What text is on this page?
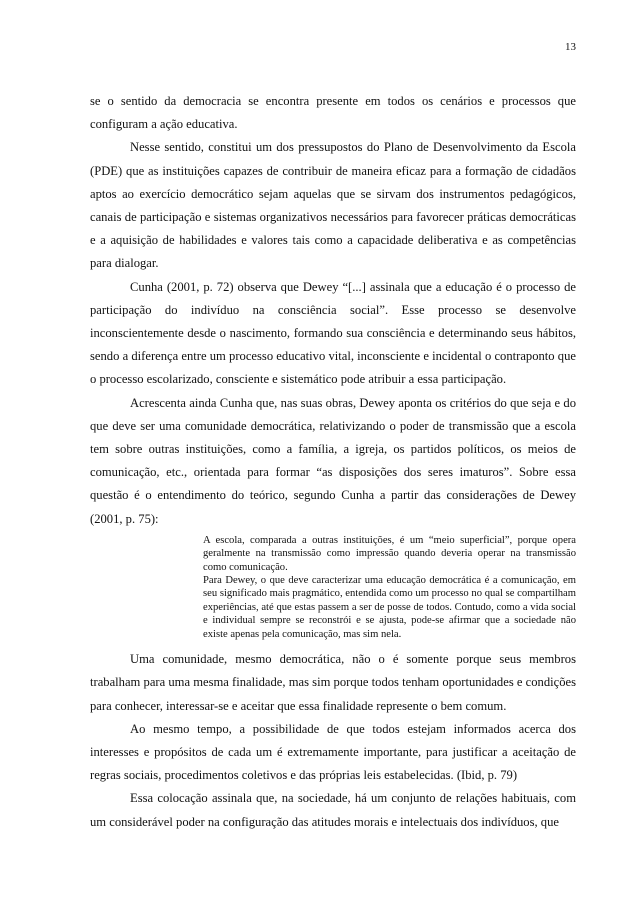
13

se o sentido da democracia se encontra presente em todos os cenários e processos que configuram a ação educativa.

Nesse sentido, constitui um dos pressupostos do Plano de Desenvolvimento da Escola (PDE) que as instituições capazes de contribuir de maneira eficaz para a formação de cidadãos aptos ao exercício democrático sejam aquelas que se sirvam dos instrumentos pedagógicos, canais de participação e sistemas organizativos necessários para favorecer práticas democráticas e a aquisição de habilidades e valores tais como a capacidade deliberativa e as competências para dialogar.

Cunha (2001, p. 72) observa que Dewey “[...] assinala que a educação é o processo de participação do indivíduo na consciência social”. Esse processo se desenvolve inconscientemente desde o nascimento, formando sua consciência e determinando seus hábitos, sendo a diferença entre um processo educativo vital, inconsciente e incidental o contraponto que o processo escolarizado, consciente e sistemático pode atribuir a essa participação.

Acrescenta ainda Cunha que, nas suas obras, Dewey aponta os critérios do que seja e do que deve ser uma comunidade democrática, relativizando o poder de transmissão que a escola tem sobre outras instituições, como a família, a igreja, os partidos políticos, os meios de comunicação, etc., orientada para formar “as disposições dos seres imaturos”. Sobre essa questão é o entendimento do teórico, segundo Cunha a partir das considerações de Dewey (2001, p. 75):

A escola, comparada a outras instituições, é um “meio superficial”, porque opera geralmente na transmissão como impressão quando deveria operar na transmissão como comunicação.

Para Dewey, o que deve caracterizar uma educação democrática é a comunicação, em seu significado mais pragmático, entendida como um processo no qual se compartilham experiências, até que estas passem a ser de posse de todos. Contudo, como a vida social e individual sempre se reconstrói e se ajusta, pode-se afirmar que a sociedade não existe apenas pela comunicação, mas sim nela.

Uma comunidade, mesmo democrática, não o é somente porque seus membros trabalham para uma mesma finalidade, mas sim porque todos tenham oportunidades e condições para conhecer, interessar-se e aceitar que essa finalidade represente o bem comum.

Ao mesmo tempo, a possibilidade de que todos estejam informados acerca dos interesses e propósitos de cada um é extremamente importante, para justificar a aceitação de regras sociais, procedimentos coletivos e das próprias leis estabelecidas. (Ibid, p. 79)

Essa colocação assinala que, na sociedade, há um conjunto de relações habituais, com um considerável poder na configuração das atitudes morais e intelectuais dos indivíduos, que
